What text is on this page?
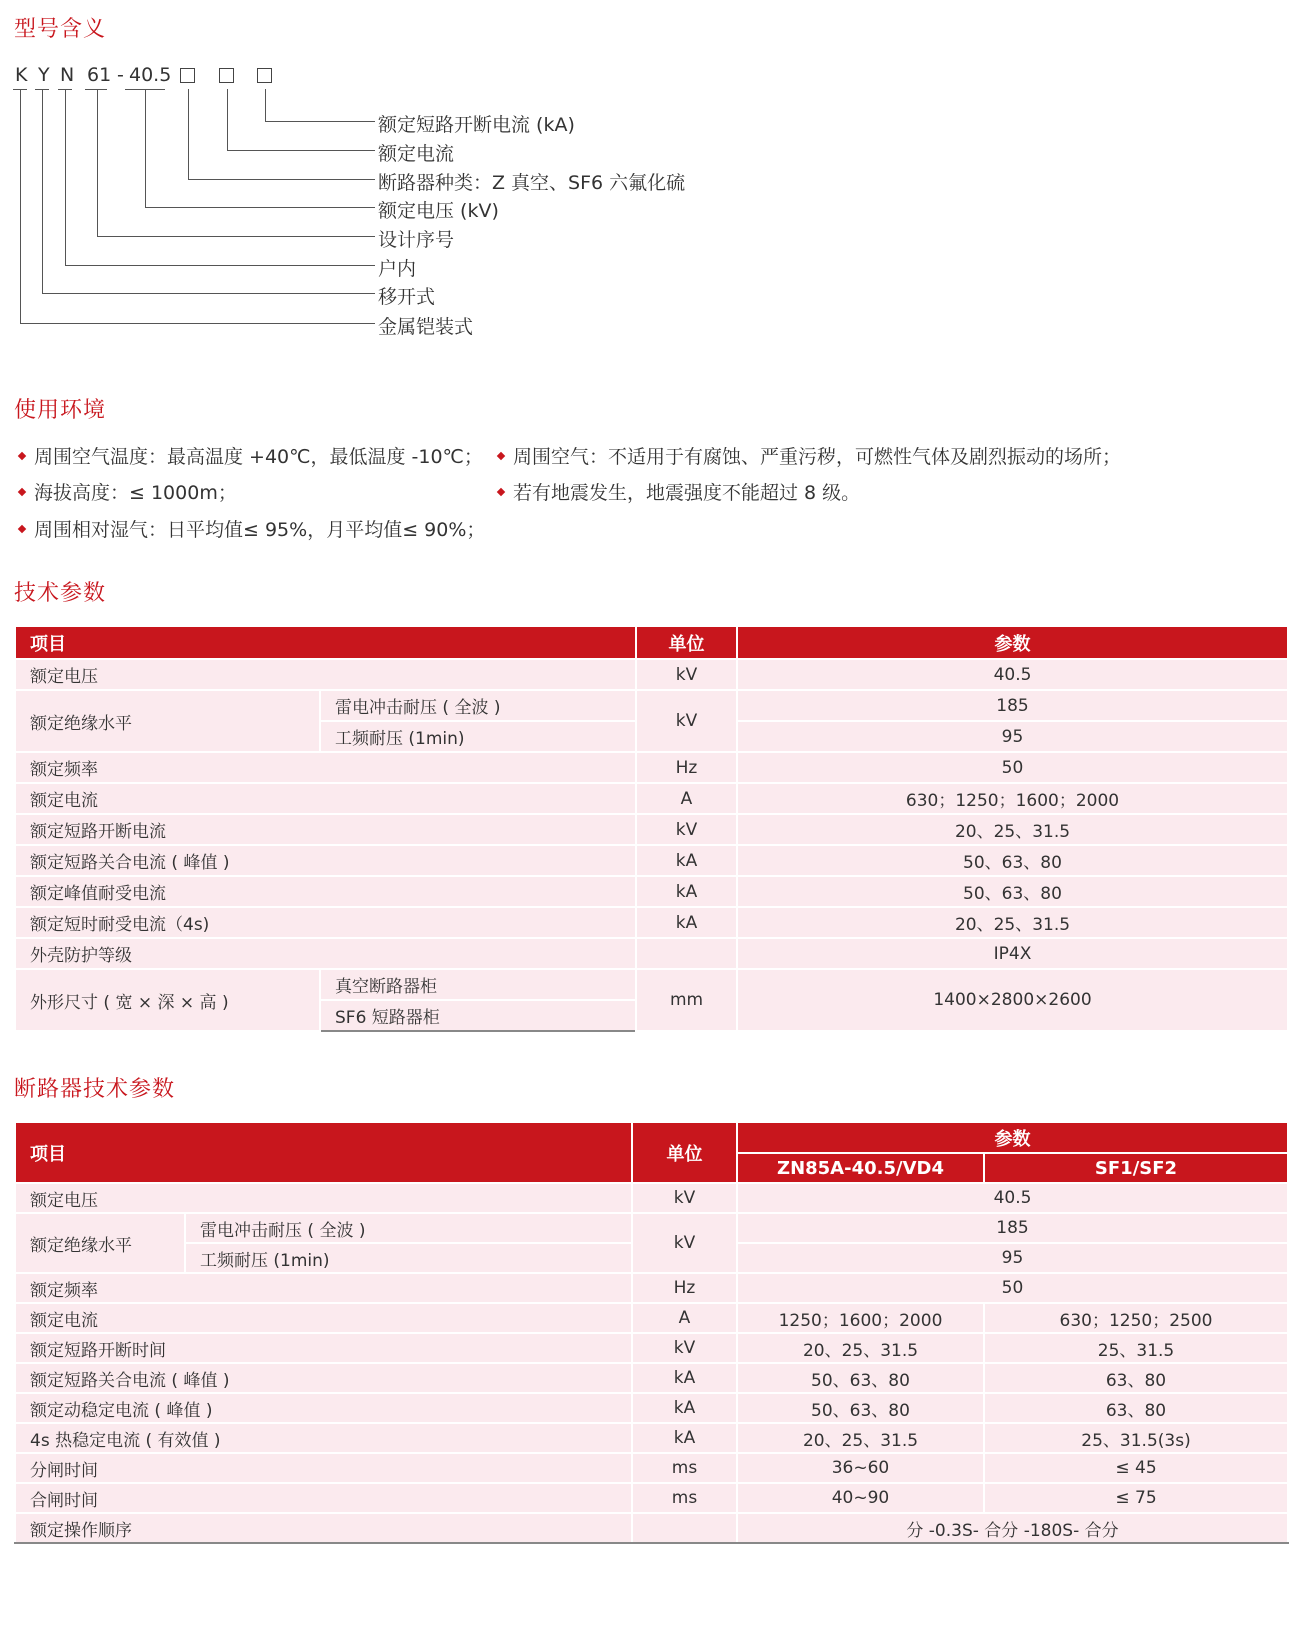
型号含义
K Y N 61 - 40.5
额定短路开断电流 (kA)
额定电流
断路器种类：Z 真空、SF6 六氟化硫
额定电压 (kV)
设计序号
户内
移开式
金属铠装式
使用环境
周围空气温度：最高温度 +40℃，最低温度 -10℃；
海拔高度：≤ 1000m；
周围相对湿气：日平均值≤ 95%，月平均值≤ 90%；
周围空气：不适用于有腐蚀、严重污秽，可燃性气体及剧烈振动的场所；
若有地震发生，地震强度不能超过 8 级。
技术参数
项目		单位	参数
额定电压		kV	40.5
额定绝缘水平	雷电冲击耐压 ( 全波 )	kV	185
	工频耐压 (1min)		95
额定频率		Hz	50
额定电流		A	630；1250；1600；2000
额定短路开断电流		kV	20、25、31.5
额定短路关合电流 ( 峰值 )		kA	50、63、80
额定峰值耐受电流		kA	50、63、80
额定短时耐受电流（4s)		kA	20、25、31.5
外壳防护等级			IP4X
外形尺寸 ( 宽 × 深 × 高 )	真空断路器柜	mm	1400×2800×2600
	SF6 短路器柜		
断路器技术参数
项目		单位	参数	
			ZN85A-40.5/VD4	SF1/SF2
额定电压		kV	40.5	
额定绝缘水平	雷电冲击耐压 ( 全波 )	kV	185	
	工频耐压 (1min)		95	
额定频率		Hz	50	
额定电流		A	1250；1600；2000	630；1250；2500
额定短路开断时间		kV	20、25、31.5	25、31.5
额定短路关合电流 ( 峰值 )		kA	50、63、80	63、80
额定动稳定电流 ( 峰值 )		kA	50、63、80	63、80
4s 热稳定电流 ( 有效值 )		kA	20、25、31.5	25、31.5(3s)
分闸时间		ms	36~60	≤ 45
合闸时间		ms	40~90	≤ 75
额定操作顺序			分 -0.3S- 合分 -180S- 合分	
